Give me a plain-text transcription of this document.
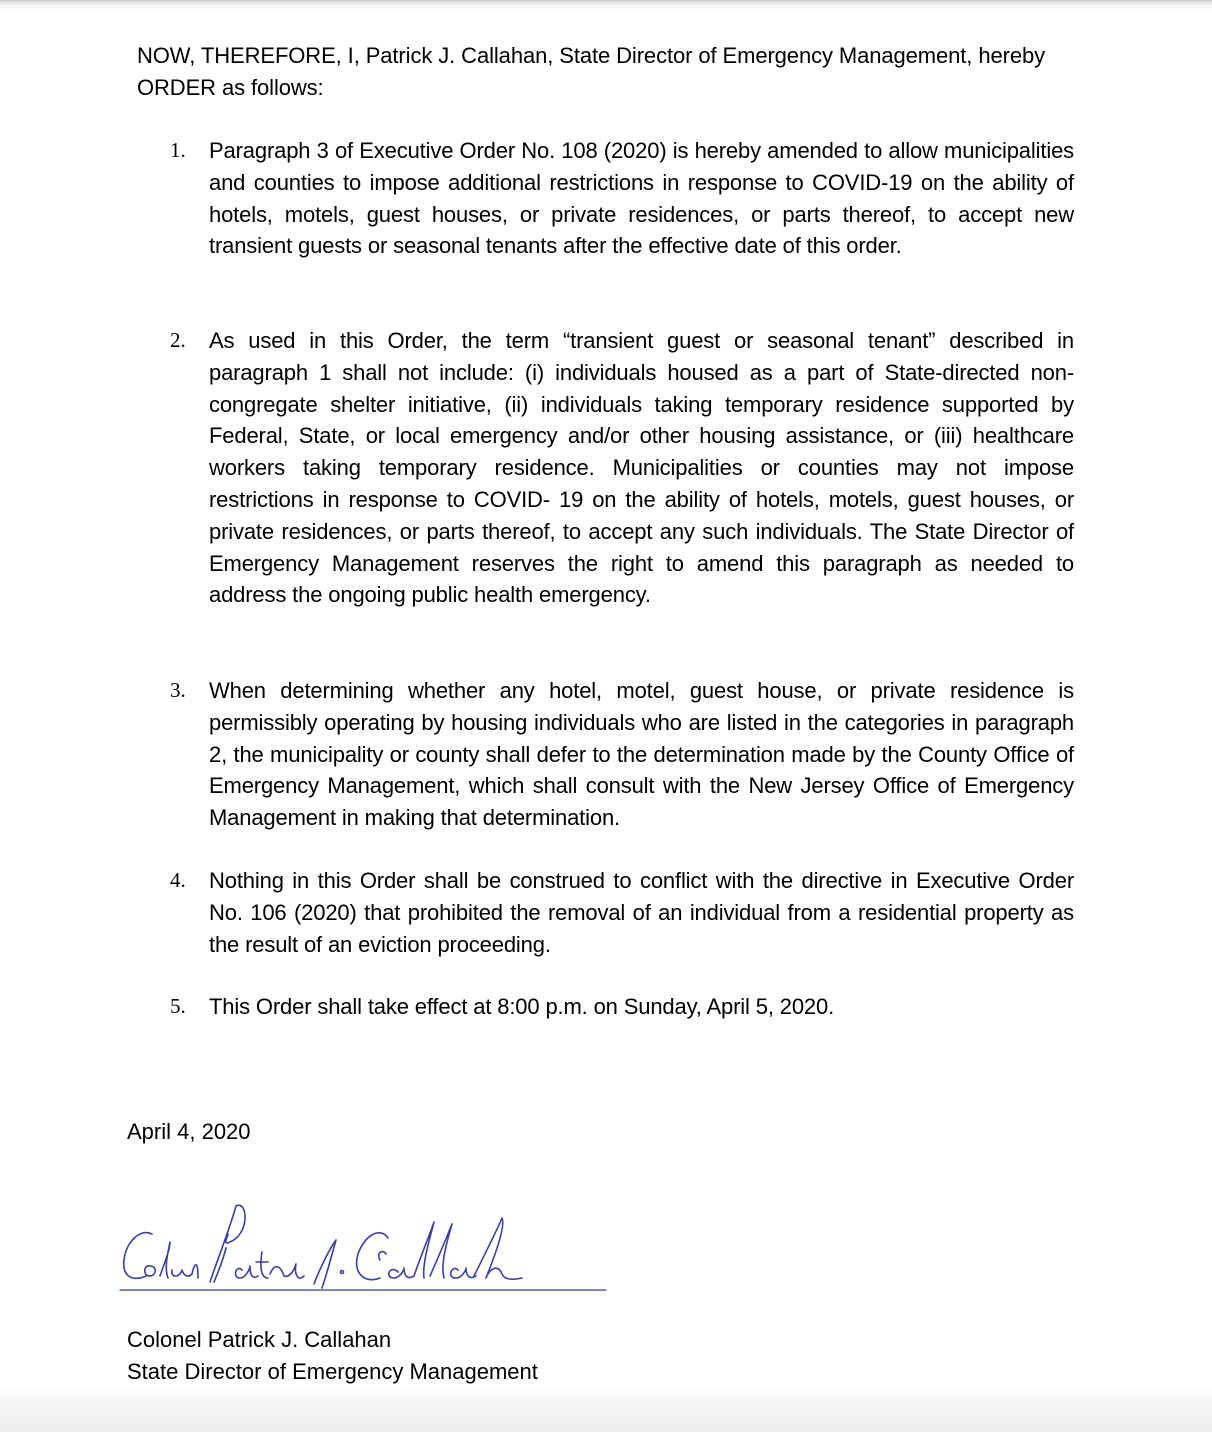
NOW, THEREFORE, I, Patrick J. Callahan, State Director of Emergency Management, hereby ORDER as follows:
1.	Paragraph 3 of Executive Order No. 108 (2020) is hereby amended to allow municipalities and counties to impose additional restrictions in response to COVID-19 on the ability of hotels, motels, guest houses, or private residences, or parts thereof, to accept new transient guests or seasonal tenants after the effective date of this order.
2.	As used in this Order, the term “transient guest or seasonal tenant” described in paragraph 1 shall not include: (i) individuals housed as a part of State-directed non-congregate shelter initiative, (ii) individuals taking temporary residence supported by Federal, State, or local emergency and/or other housing assistance, or (iii) healthcare workers taking temporary residence. Municipalities or counties may not impose restrictions in response to COVID- 19 on the ability of hotels, motels, guest houses, or private residences, or parts thereof, to accept any such individuals. The State Director of Emergency Management reserves the right to amend this paragraph as needed to address the ongoing public health emergency.
3.	When determining whether any hotel, motel, guest house, or private residence is permissibly operating by housing individuals who are listed in the categories in paragraph 2, the municipality or county shall defer to the determination made by the County Office of Emergency Management, which shall consult with the New Jersey Office of Emergency Management in making that determination.
4.	Nothing in this Order shall be construed to conflict with the directive in Executive Order No. 106 (2020) that prohibited the removal of an individual from a residential property as the result of an eviction proceeding.
5.	This Order shall take effect at 8:00 p.m. on Sunday, April 5, 2020.
April 4, 2020
Colonel Patrick J. Callahan
State Director of Emergency Management
